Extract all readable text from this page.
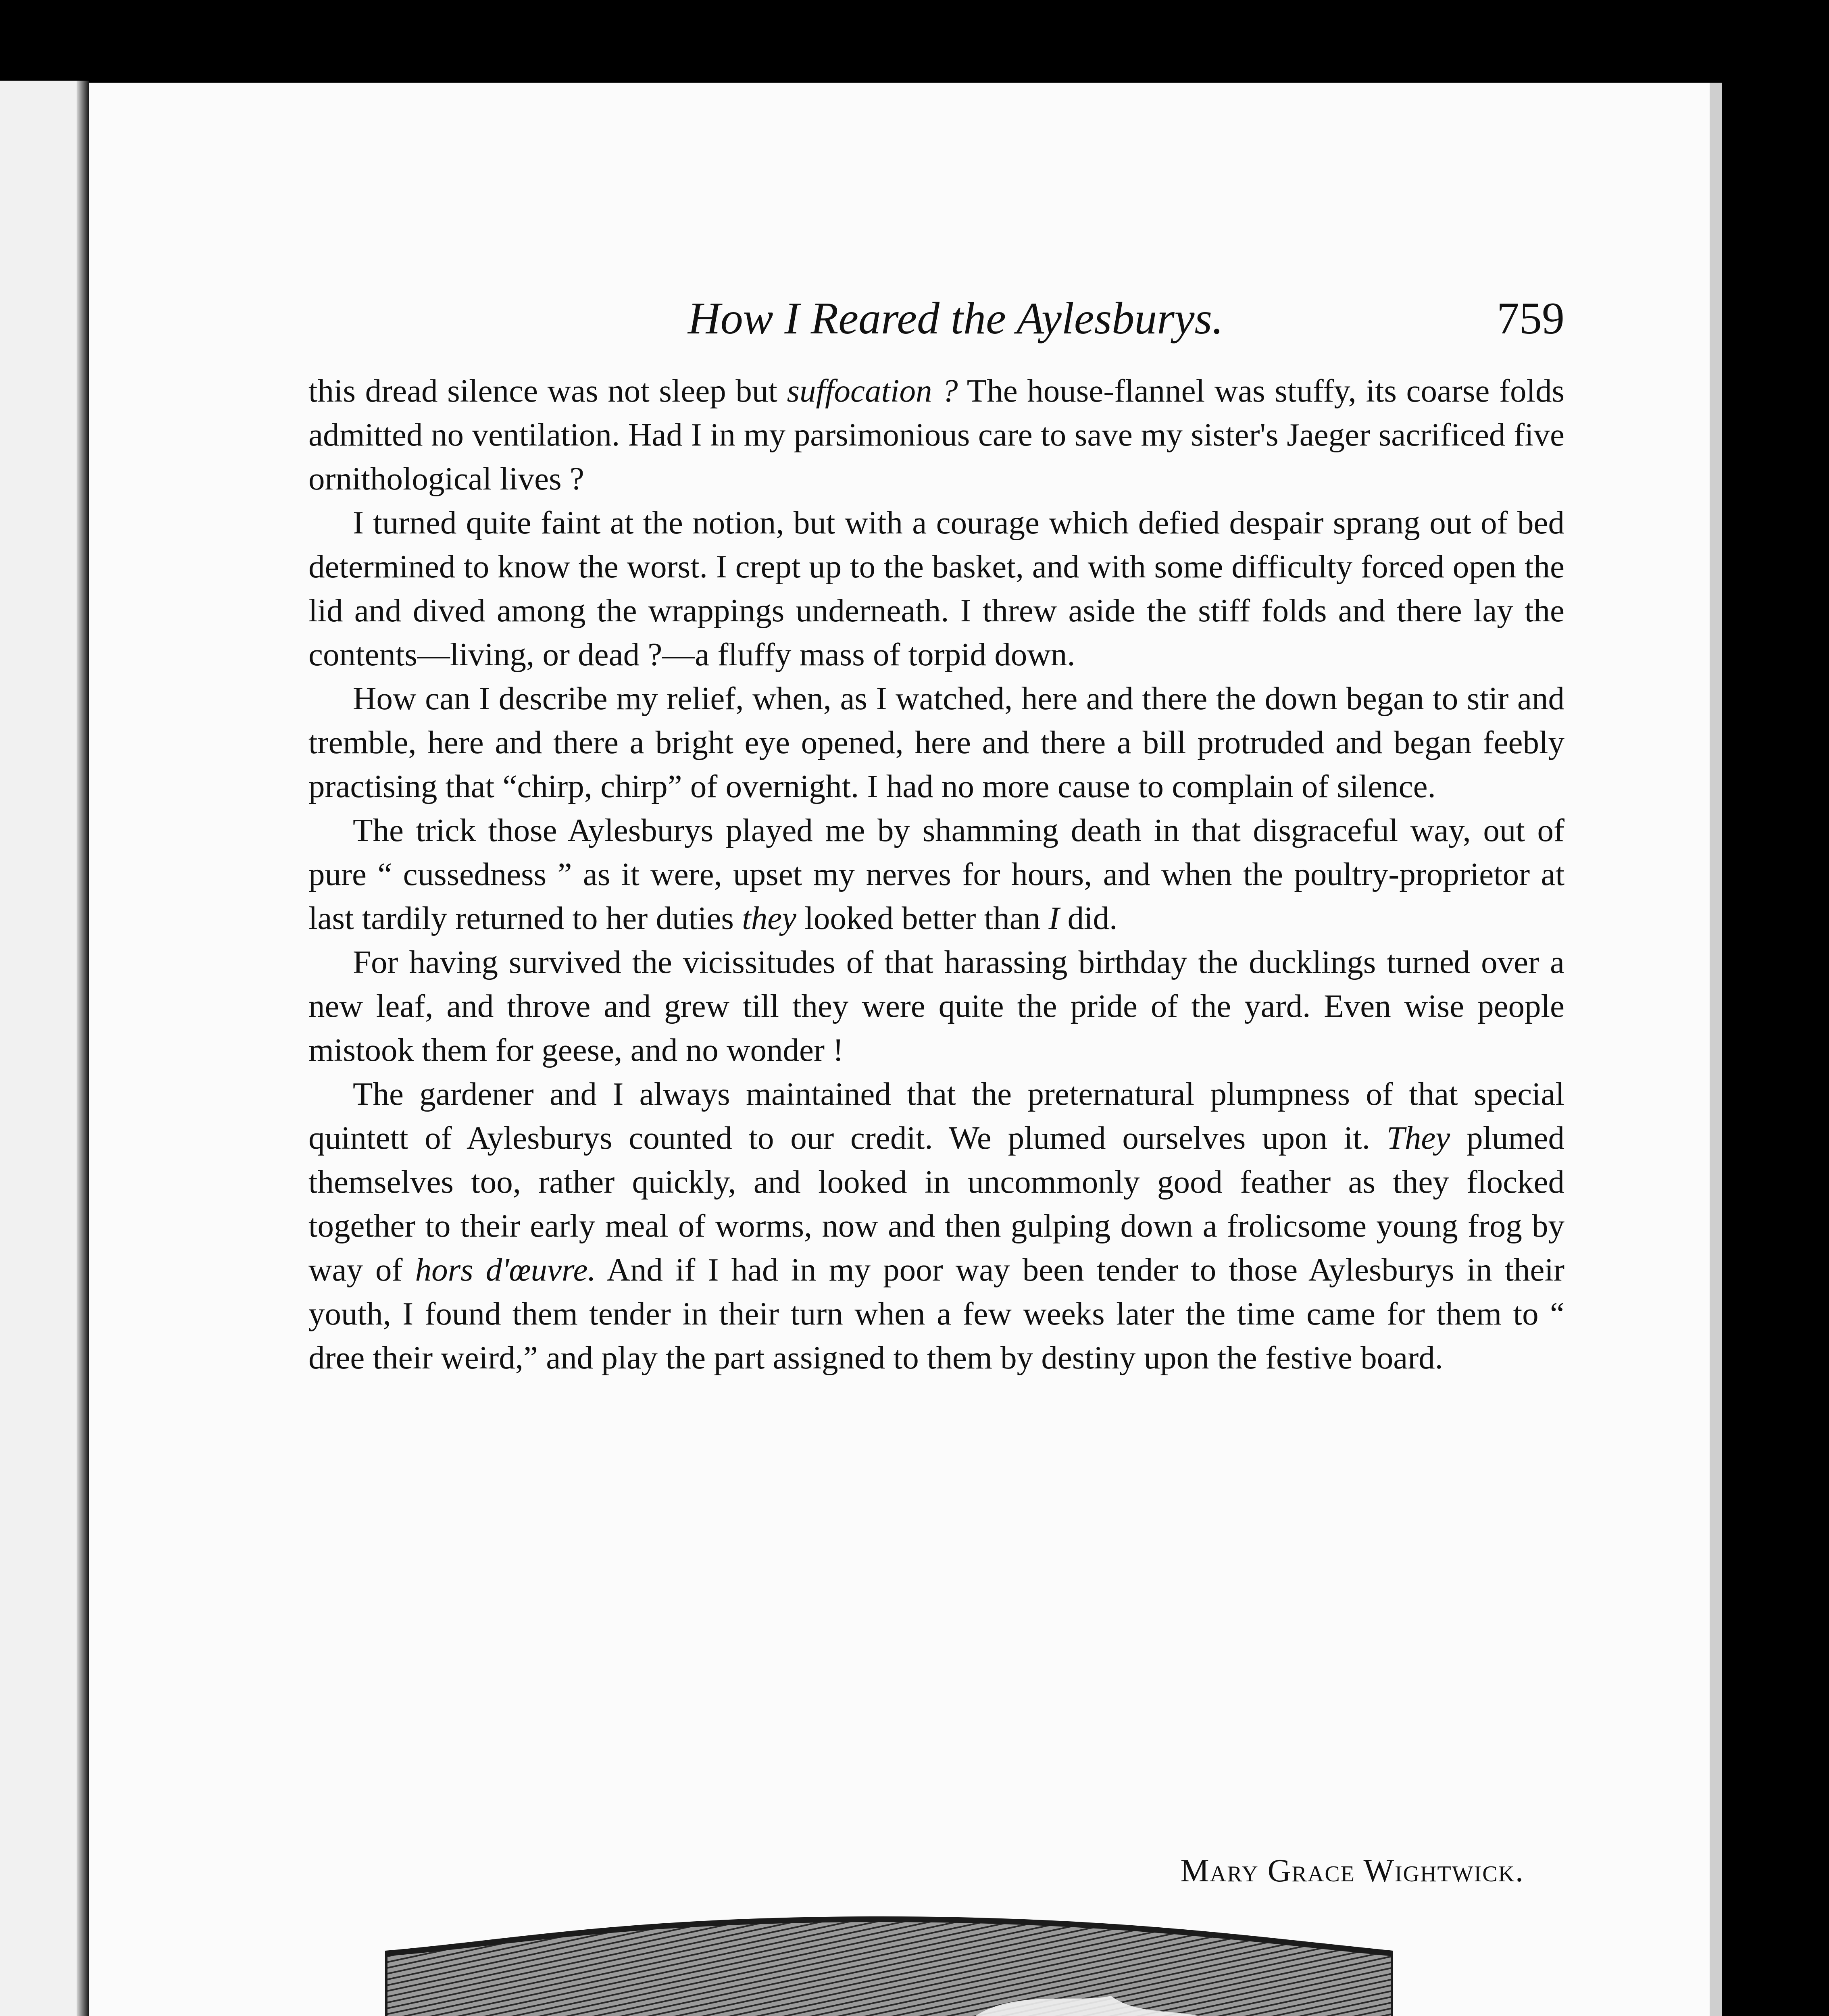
How I Reared the Aylesburys.	759

this dread silence was not sleep but suffocation ? The house-flannel was stuffy, its coarse folds admitted no ventilation. Had I in my parsimonious care to save my sister's Jaeger sacrificed five ornithological lives ?

I turned quite faint at the notion, but with a courage which defied despair sprang out of bed determined to know the worst. I crept up to the basket, and with some difficulty forced open the lid and dived among the wrappings underneath. I threw aside the stiff folds and there lay the contents—living, or dead ?—a fluffy mass of torpid down.

How can I describe my relief, when, as I watched, here and there the down began to stir and tremble, here and there a bright eye opened, here and there a bill protruded and began feebly practising that “chirp, chirp” of overnight. I had no more cause to complain of silence.

The trick those Aylesburys played me by shamming death in that disgraceful way, out of pure “ cussedness ” as it were, upset my nerves for hours, and when the poultry-proprietor at last tardily returned to her duties they looked better than I did.

For having survived the vicissitudes of that harassing birthday the ducklings turned over a new leaf, and throve and grew till they were quite the pride of the yard. Even wise people mistook them for geese, and no wonder !

The gardener and I always maintained that the preternatural plumpness of that special quintett of Aylesburys counted to our credit. We plumed ourselves upon it. They plumed themselves too, rather quickly, and looked in uncommonly good feather as they flocked together to their early meal of worms, now and then gulping down a frolicsome young frog by way of hors d'œuvre. And if I had in my poor way been tender to those Aylesburys in their youth, I found them tender in their turn when a few weeks later the time came for them to “ dree their weird,” and play the part assigned to them by destiny upon the festive board.

Mary Grace Wightwick.
